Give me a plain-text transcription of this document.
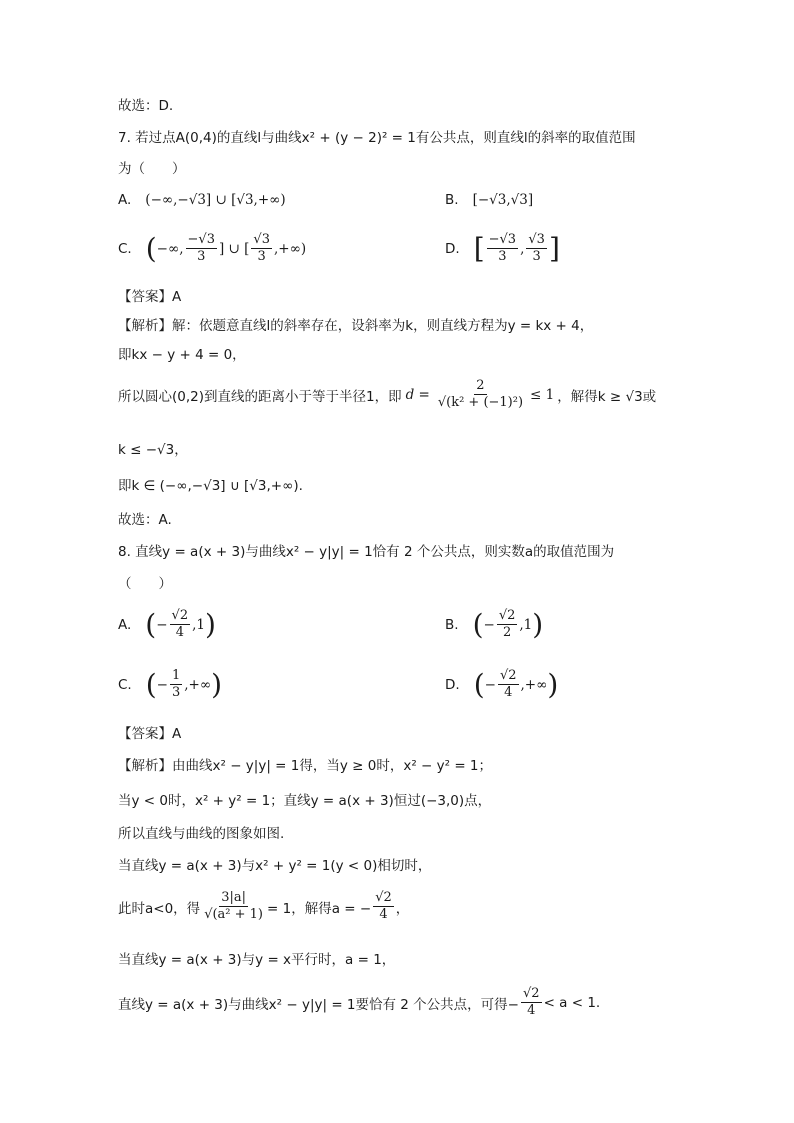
故选：D.
7. 若过点A(0,4)的直线l与曲线x² + (y − 2)² = 1有公共点，则直线l的斜率的取值范围
为（　　）
A. (−∞,−√3] ∪ [√3,+∞)	B. [−√3,√3]
C. ( −∞, $\frac{-√3}{3}$ ] ∪ [ $\frac{√3}{3}$ ,+∞)	D. [ $\frac{-√3}{3}$ , $\frac{√3}{3}$ ]
【答案】A
【解析】解：依题意直线l的斜率存在，设斜率为k，则直线方程为y = kx + 4，
即kx − y + 4 = 0，
所以圆心(0,2)到直线的距离小于等于半径1，即 $d = \frac{2}{\text{√(k² + (−1)²)}} \le 1$ ，解得k ≥ √3或
k ≤ −√3，
即k ∈ (−∞,−√3] ∪ [√3,+∞).
故选：A.
8. 直线y = a(x + 3)与曲线x² − y|y| = 1恰有 2 个公共点，则实数a的取值范围为
（　　）
A. ( − $\frac{√2}{4} ,1$ )	B. ( − $\frac{√2}{2} ,1$ )
C. ( − $\frac{1}{3}$ ,+∞ )	D. ( − $\frac{√2}{4}$ ,+∞ )
【答案】A
【解析】由曲线x² − y|y| = 1得，当y ≥ 0时，x² − y² = 1；
当y < 0时，x² + y² = 1；直线y = a(x + 3)恒过(−3,0)点，
所以直线与曲线的图象如图.
当直线y = a(x + 3)与x² + y² = 1(y < 0)相切时，
此时a<0，得 $\frac{3|a|}{\text{√(a² + 1)}} = 1$，解得a = − $\frac{√2}{4}$ ，
当直线y = a(x + 3)与y = x平行时，a = 1，
直线y = a(x + 3)与曲线x² − y|y| = 1要恰有 2 个公共点，可得− $\frac{√2}{4} < a < 1$.
